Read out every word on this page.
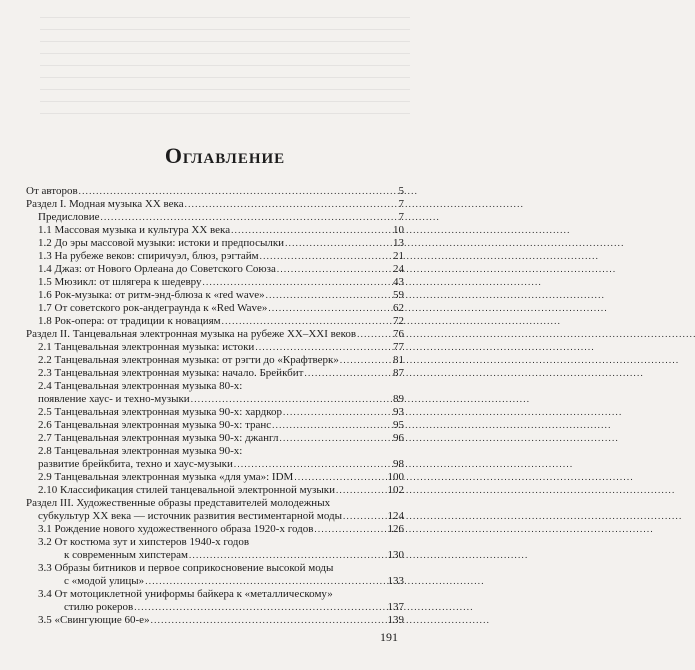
Оглавление
От авторов . . .	5
Раздел I. Модная музыка XX века . . .	7
Предисловие . . .	7
1.1 Массовая музыка и культура XX века . . .	10
1.2 До эры массовой музыки: истоки и предпосылки . . .	13
1.3 На рубеже веков: спиричуэл, блюз, рэгтайм . . .	21
1.4 Джаз: от Нового Орлеана до Советского Союза . . .	24
1.5 Мюзикл: от шлягера к шедевру . . .	43
1.6 Рок-музыка: от ритм-энд-блюза к «red wave» . . .	59
1.7 От советского рок-андеграунда к «Red Wave» . . .	62
1.8 Рок-опера: от традиции к новациям . . .	72
Раздел II. Танцевальная электронная музыка на рубеже XX–XXI веков . . .	76
2.1 Танцевальная электронная музыка: истоки . . .	77
2.2 Танцевальная электронная музыка: от рэгти до «Крафтверк» . . .	81
2.3 Танцевальная электронная музыка: начало. Брейкбит . . .	87
2.4 Танцевальная электронная музыка 80-х:
появление хаус- и техно-музыки . . .	89
2.5 Танцевальная электронная музыка 90-х: хардкор . . .	93
2.6 Танцевальная электронная музыка 90-х: транс . . .	95
2.7 Танцевальная электронная музыка 90-х: джангл . . .	96
2.8 Танцевальная электронная музыка 90-х:
развитие брейкбита, техно и хаус-музыки . . .	98
2.9 Танцевальная электронная музыка «для ума»: IDM . . .	100
2.10 Классификация стилей танцевальной электронной музыки . . .	102
Раздел III. Художественные образы представителей молодежных
субкультур XX века — источник развития вестиментарной моды . . .	124
3.1 Рождение нового художественного образа 1920-х годов . . .	126
3.2 От костюма зут и хипстеров 1940-х годов
к современным хипстерам . . .	130
3.3 Образы битников и первое соприкосновение высокой моды
с «модой улицы» . . .	133
3.4 От мотоциклетной униформы байкера к «металлическому»
стилю рокеров . . .	137
3.5 «Свингующие 60-е» . . .	139
191
